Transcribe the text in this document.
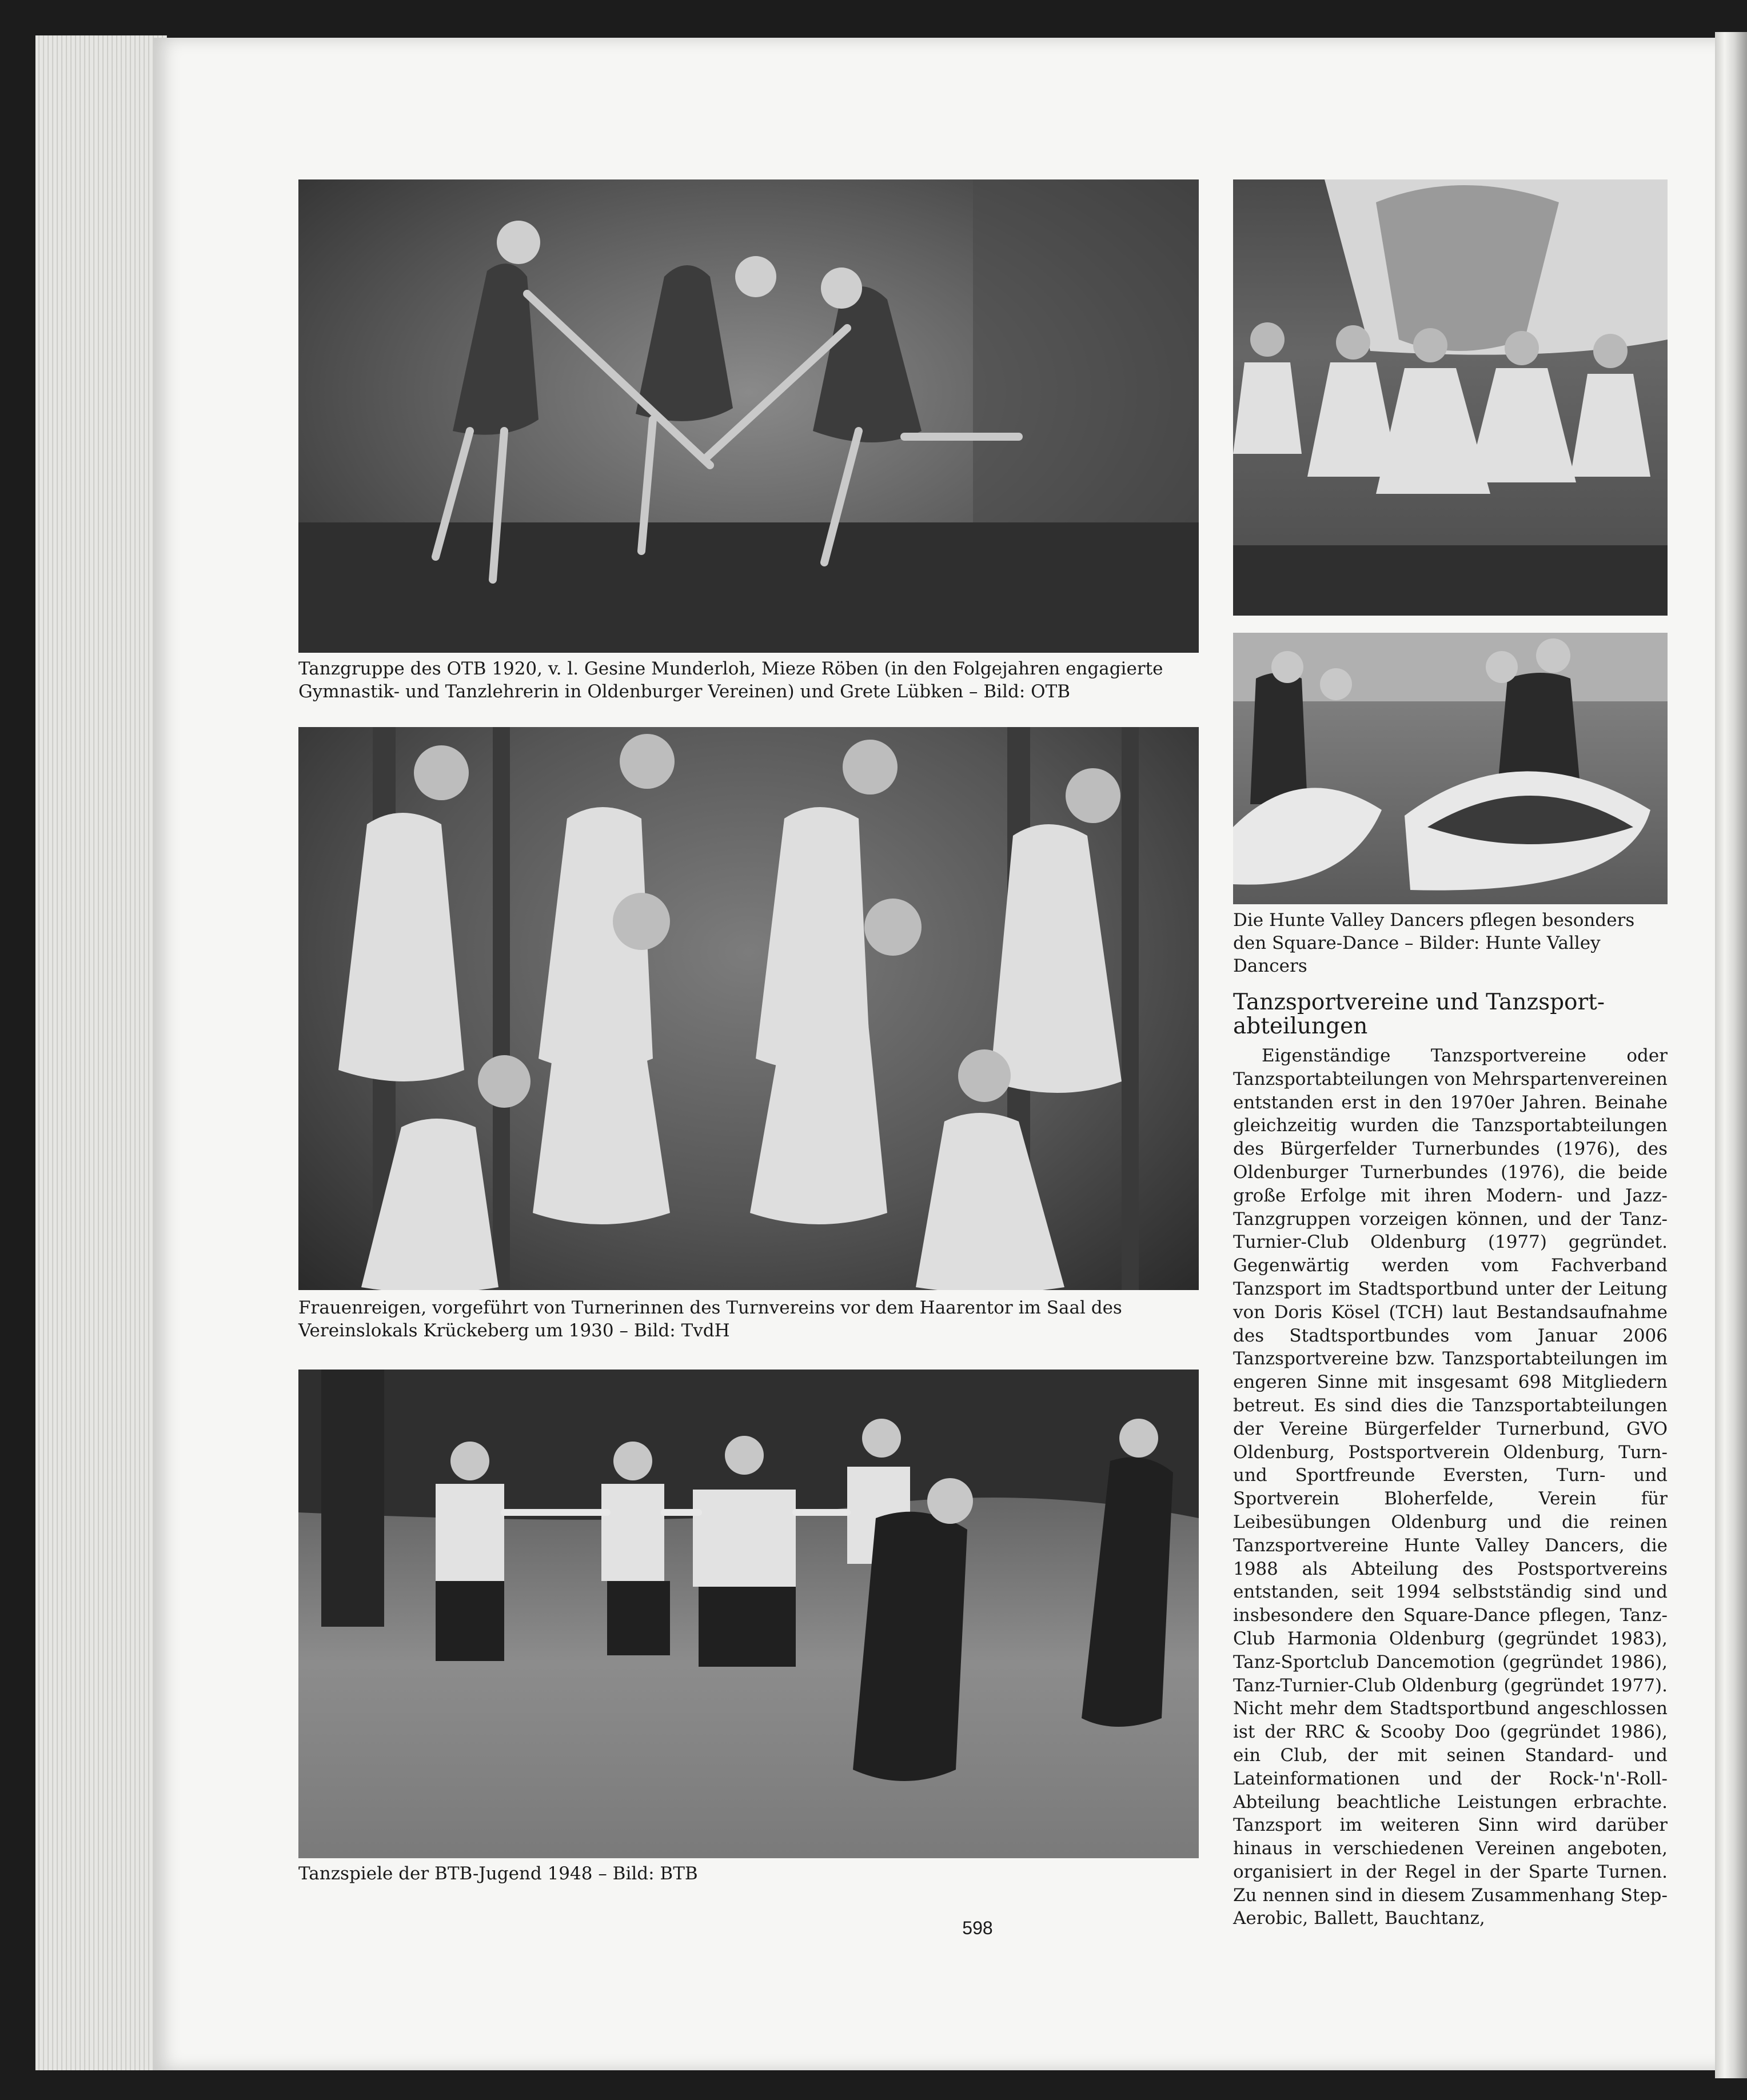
Tanzgruppe des OTB 1920, v. l. Gesine Munderloh, Mieze Röben (in den Folgejahren engagierte Gymnastik- und Tanzlehrerin in Oldenburger Vereinen) und Grete Lübken – Bild: OTB
Frauenreigen, vorgeführt von Turnerinnen des Turnvereins vor dem Haarentor im Saal des Vereinslokals Krückeberg um 1930 – Bild: TvdH
Tanzspiele der BTB-Jugend 1948 – Bild: BTB
Die Hunte Valley Dancers pflegen besonders den Square-Dance – Bilder: Hunte Valley Dancers
Tanzsportvereine und Tanzsportabteilungen
Eigenständige Tanzsportvereine oder Tanzsportabteilungen von Mehrspartenvereinen entstanden erst in den 1970er Jahren. Beinahe gleichzeitig wurden die Tanzsportabteilungen des Bürgerfelder Turnerbundes (1976), des Oldenburger Turnerbundes (1976), die beide große Erfolge mit ihren Modern- und Jazz-Tanzgruppen vorzeigen können, und der Tanz-Turnier-Club Oldenburg (1977) gegründet. Gegenwärtig werden vom Fachverband Tanzsport im Stadtsportbund unter der Leitung von Doris Kösel (TCH) laut Bestandsaufnahme des Stadtsportbundes vom Januar 2006 Tanzsportvereine bzw. Tanzsportabteilungen im engeren Sinne mit insgesamt 698 Mitgliedern betreut. Es sind dies die Tanzsportabteilungen der Vereine Bürgerfelder Turnerbund, GVO Oldenburg, Postsportverein Oldenburg, Turn- und Sportfreunde Eversten, Turn- und Sportverein Bloherfelde, Verein für Leibesübungen Oldenburg und die reinen Tanzsportvereine Hunte Valley Dancers, die 1988 als Abteilung des Postsportvereins entstanden, seit 1994 selbstständig sind und insbesondere den Square-Dance pflegen, Tanz-Club Harmonia Oldenburg (gegründet 1983), Tanz-Sportclub Dancemotion (gegründet 1986), Tanz-Turnier-Club Oldenburg (gegründet 1977). Nicht mehr dem Stadtsportbund angeschlossen ist der RRC & Scooby Doo (gegründet 1986), ein Club, der mit seinen Standard- und Lateinformationen und der Rock-'n'-Roll-Abteilung beachtliche Leistungen erbrachte. Tanzsport im weiteren Sinn wird darüber hinaus in verschiedenen Vereinen angeboten, organisiert in der Regel in der Sparte Turnen. Zu nennen sind in diesem Zusammenhang Step-Aerobic, Ballett, Bauchtanz,
598
